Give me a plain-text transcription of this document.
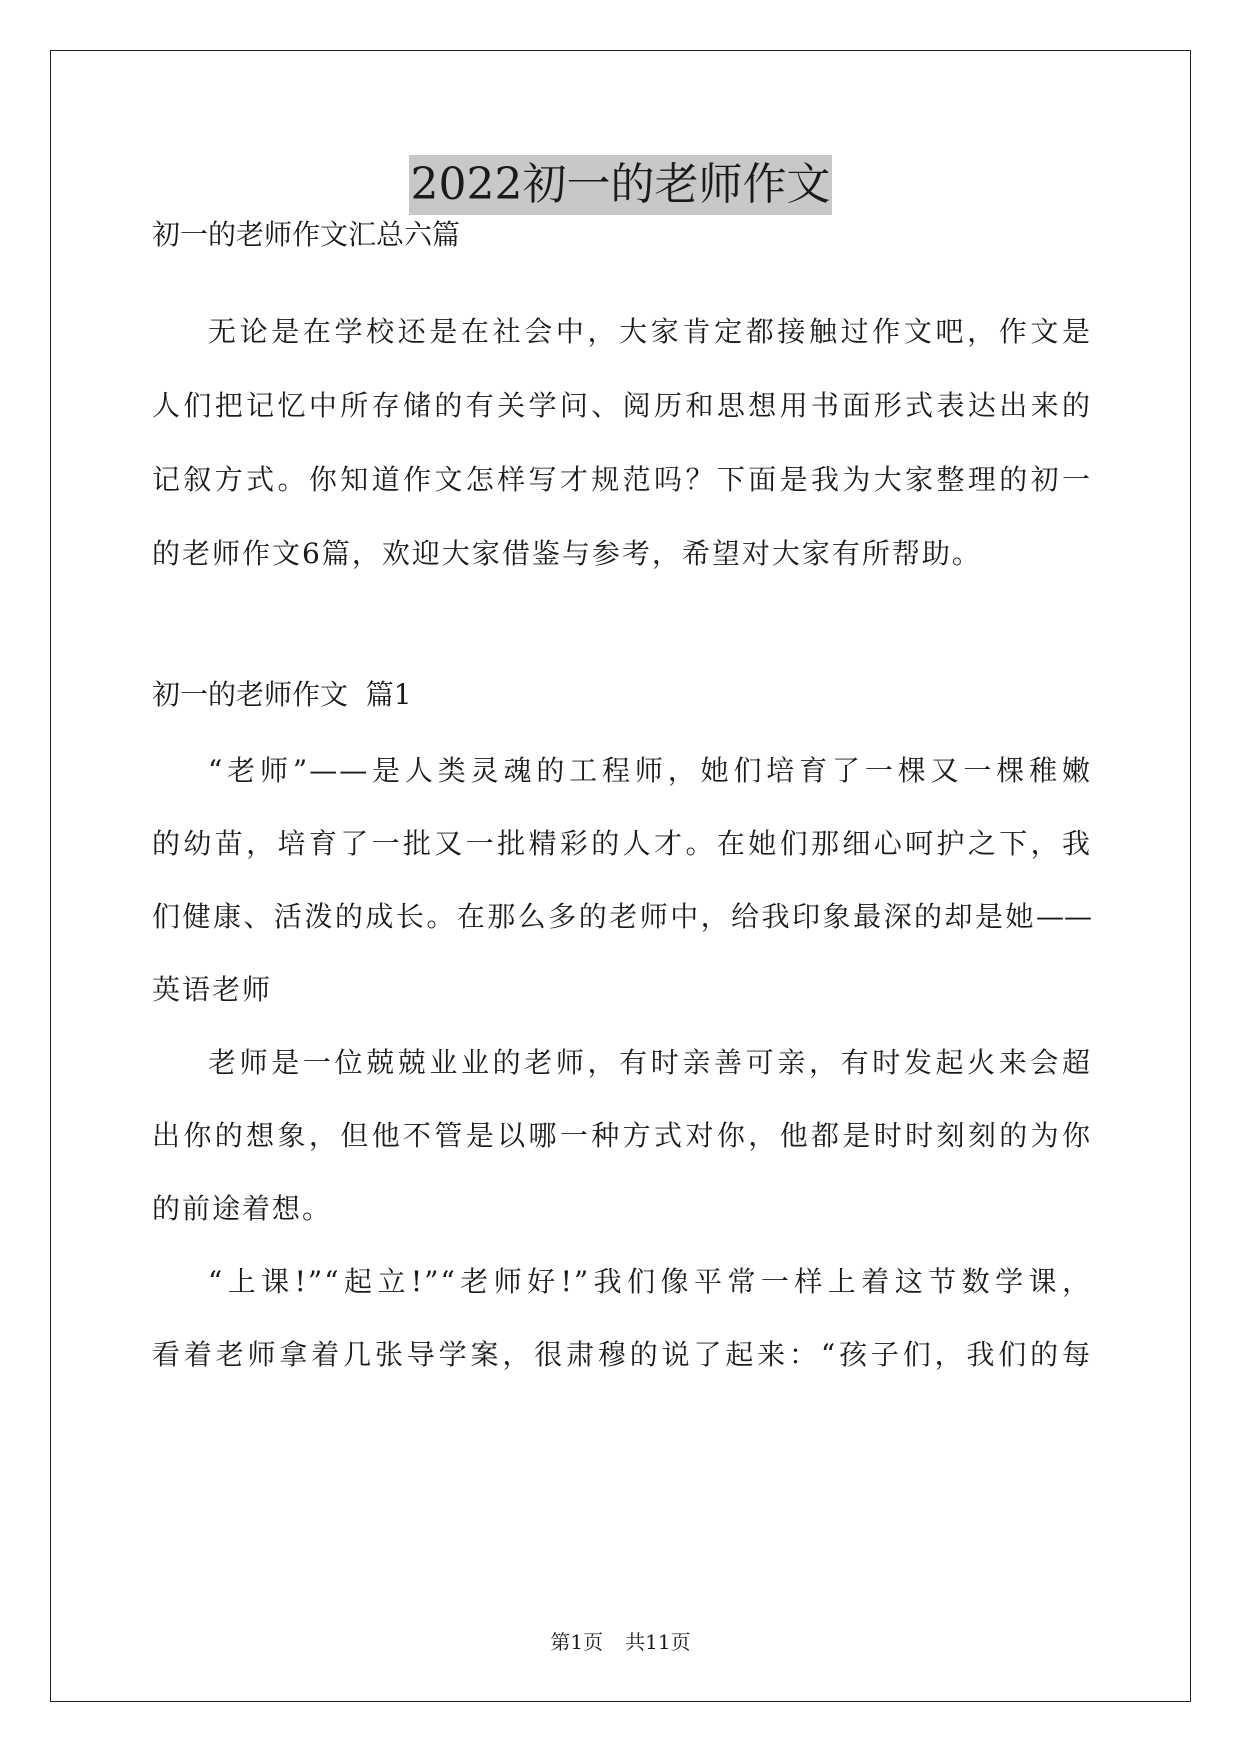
2022初一的老师作文
初一的老师作文汇总六篇
无论是在学校还是在社会中，大家肯定都接触过作文吧，作文是
人们把记忆中所存储的有关学问、阅历和思想用书面形式表达出来的
记叙方式。你知道作文怎样写才规范吗？下面是我为大家整理的初一
的老师作文6篇，欢迎大家借鉴与参考，希望对大家有所帮助。
初一的老师作文  篇1
“老师”——是人类灵魂的工程师，她们培育了一棵又一棵稚嫩
的幼苗，培育了一批又一批精彩的人才。在她们那细心呵护之下，我
们健康、活泼的成长。在那么多的老师中，给我印象最深的却是她——
英语老师
老师是一位兢兢业业的老师，有时亲善可亲，有时发起火来会超
出你的想象，但他不管是以哪一种方式对你，他都是时时刻刻的为你
的前途着想。
“上课!”“起立!”“老师好!”我们像平常一样上着这节数学课，
看着老师拿着几张导学案，很肃穆的说了起来：“孩子们，我们的每
第1页 共11页
